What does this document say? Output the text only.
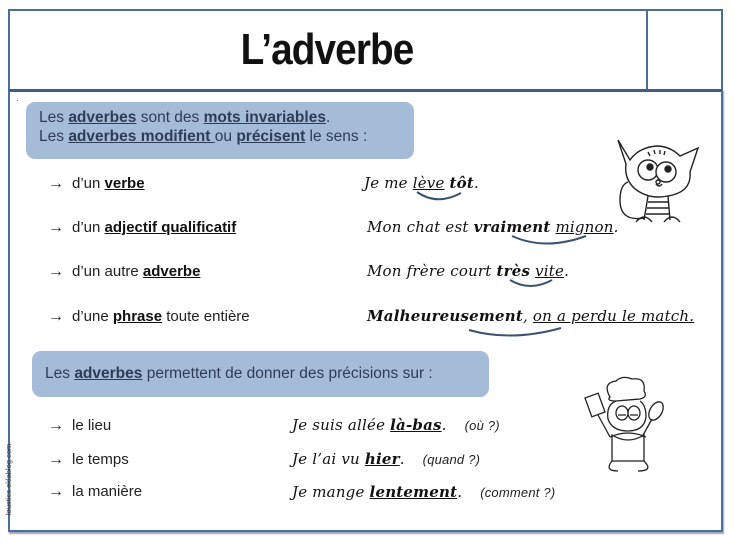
L’adverbe
·
Les adverbes sont des mots invariables.
Les adverbes modifient ou précisent le sens :
→ d’un verbe
→ d’un adjectif qualificatif
→ d’un autre adverbe
→ d’une phrase toute entière
Je me lève tôt.
Mon chat est vraiment mignon.
Mon frère court très vite.
Malheureusement, on a perdu le match.
Les adverbes permettent de donner des précisions sur :
→ le lieu
→ le temps
→ la manière
Je suis allée là-bas. (où ?)
Je l’ai vu hier. (quand ?)
Je mange lentement. (comment ?)
loustics.eklablog.com
